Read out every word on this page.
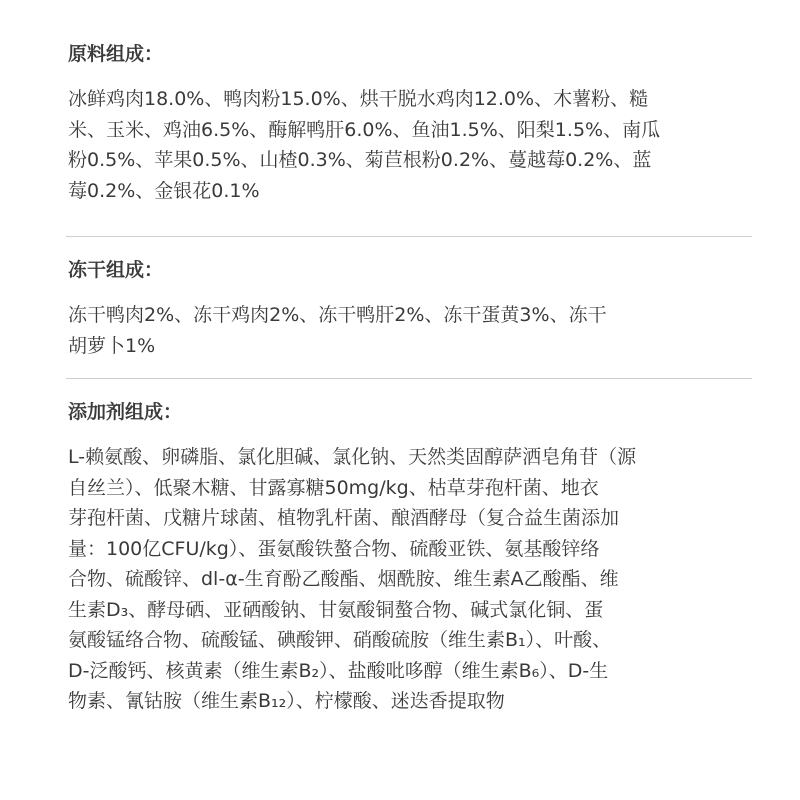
原料组成：

冰鲜鸡肉18.0%、鸭肉粉15.0%、烘干脱水鸡肉12.0%、木薯粉、糙
米、玉米、鸡油6.5%、酶解鸭肝6.0%、鱼油1.5%、阳梨1.5%、南瓜
粉0.5%、苹果0.5%、山楂0.3%、菊苣根粉0.2%、蔓越莓0.2%、蓝
莓0.2%、金银花0.1%

冻干组成：

冻干鸭肉2%、冻干鸡肉2%、冻干鸭肝2%、冻干蛋黄3%、冻干
胡萝卜1%

添加剂组成：

L-赖氨酸、卵磷脂、氯化胆碱、氯化钠、天然类固醇萨洒皂角苷（源
自丝兰）、低聚木糖、甘露寡糖50mg/kg、枯草芽孢杆菌、地衣
芽孢杆菌、戊糖片球菌、植物乳杆菌、酿酒酵母（复合益生菌添加
量：100亿CFU/kg）、蛋氨酸铁螯合物、硫酸亚铁、氨基酸锌络
合物、硫酸锌、dl-α-生育酚乙酸酯、烟酰胺、维生素A乙酸酯、维
生素D₃、酵母硒、亚硒酸钠、甘氨酸铜螯合物、碱式氯化铜、蛋
氨酸锰络合物、硫酸锰、碘酸钾、硝酸硫胺（维生素B₁）、叶酸、
D-泛酸钙、核黄素（维生素B₂）、盐酸吡哆醇（维生素B₆）、D-生
物素、氰钴胺（维生素B₁₂）、柠檬酸、迷迭香提取物
